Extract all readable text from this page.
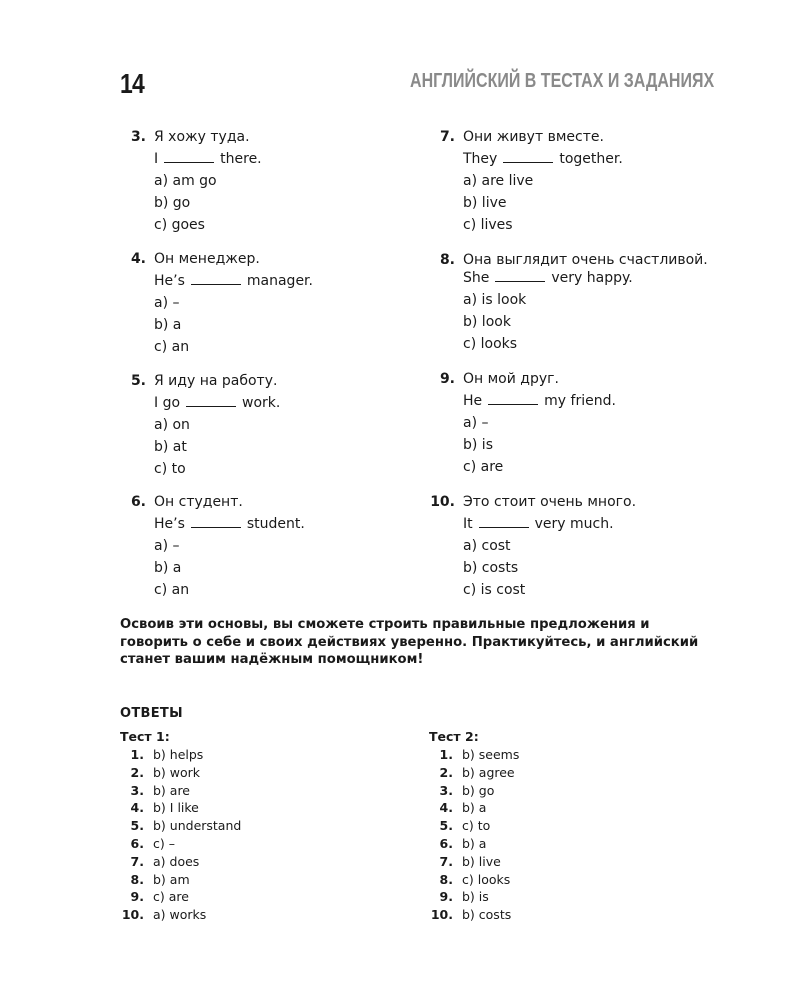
14	АНГЛИЙСКИЙ В ТЕСТАХ И ЗАДАНИЯХ
3. Я хожу туда.
I	there.
a) am go
b) go
c) goes
4. Он менеджер.
He’s	manager.
a) –
b) a
c) an
5. Я иду на работу.
I go	work.
a) on
b) at
c) to
6. Он студент.
He’s	student.
a) –
b) a
c) an
7. Они живут вместе.
They	together.
a) are live
b) live
c) lives
8. Она выглядит очень счастливой.
She	very happy.
a) is look
b) look
c) looks
9. Он мой друг.
He	my friend.
a) –
b) is
c) are
10. Это стоит очень много.
It	very much.
a) cost
b) costs
c) is cost

Освоив эти основы, вы сможете строить правильные предложения и говорить о себе и своих действиях уверенно. Практикуйтесь, и английский станет вашим надёжным помощником!

ОТВЕТЫ
Тест 1:
1. b) helps
2. b) work
3. b) are
4. b) I like
5. b) understand
6. c) –
7. a) does
8. b) am
9. c) are
10. a) works
Тест 2:
1. b) seems
2. b) agree
3. b) go
4. b) a
5. c) to
6. b) a
7. b) live
8. c) looks
9. b) is
10. b) costs
